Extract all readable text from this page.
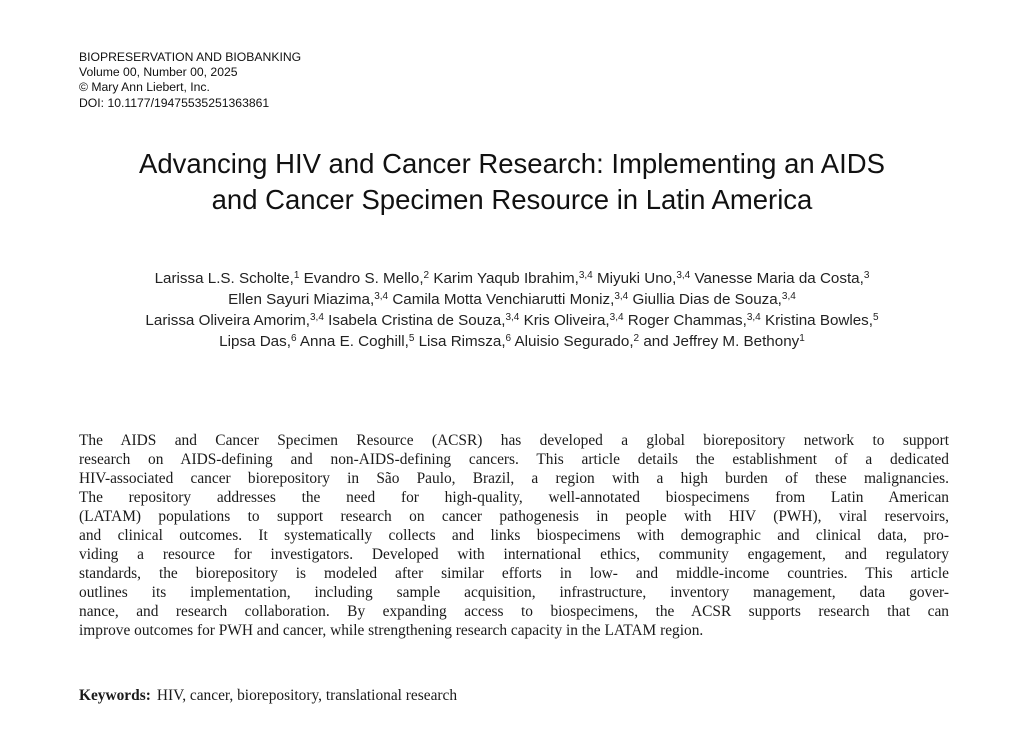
BIOPRESERVATION AND BIOBANKING
Volume 00, Number 00, 2025
© Mary Ann Liebert, Inc.
DOI: 10.1177/19475535251363861
Advancing HIV and Cancer Research: Implementing an AIDS
and Cancer Specimen Resource in Latin America
Larissa L.S. Scholte,$^1$ Evandro S. Mello,$^2$ Karim Yaqub Ibrahim,$^{3,4}$ Miyuki Uno,$^{3,4}$ Vanesse Maria da Costa,$^3$
Ellen Sayuri Miazima,$^{3,4}$ Camila Motta Venchiarutti Moniz,$^{3,4}$ Giullia Dias de Souza,$^{3,4}$
Larissa Oliveira Amorim,$^{3,4}$ Isabela Cristina de Souza,$^{3,4}$ Kris Oliveira,$^{3,4}$ Roger Chammas,$^{3,4}$ Kristina Bowles,$^5$
Lipsa Das,$^6$ Anna E. Coghill,$^5$ Lisa Rimsza,$^6$ Aluisio Segurado,$^2$ and Jeffrey M. Bethony$^1$
The AIDS and Cancer Specimen Resource (ACSR) has developed a global biorepository network to support
research on AIDS-defining and non-AIDS-defining cancers. This article details the establishment of a dedicated
HIV-associated cancer biorepository in São Paulo, Brazil, a region with a high burden of these malignancies.
The repository addresses the need for high-quality, well-annotated biospecimens from Latin American
(LATAM) populations to support research on cancer pathogenesis in people with HIV (PWH), viral reservoirs,
and clinical outcomes. It systematically collects and links biospecimens with demographic and clinical data, pro-
viding a resource for investigators. Developed with international ethics, community engagement, and regulatory
standards, the biorepository is modeled after similar efforts in low- and middle-income countries. This article
outlines its implementation, including sample acquisition, infrastructure, inventory management, data gover-
nance, and research collaboration. By expanding access to biospecimens, the ACSR supports research that can
improve outcomes for PWH and cancer, while strengthening research capacity in the LATAM region.
Keywords: HIV, cancer, biorepository, translational research
